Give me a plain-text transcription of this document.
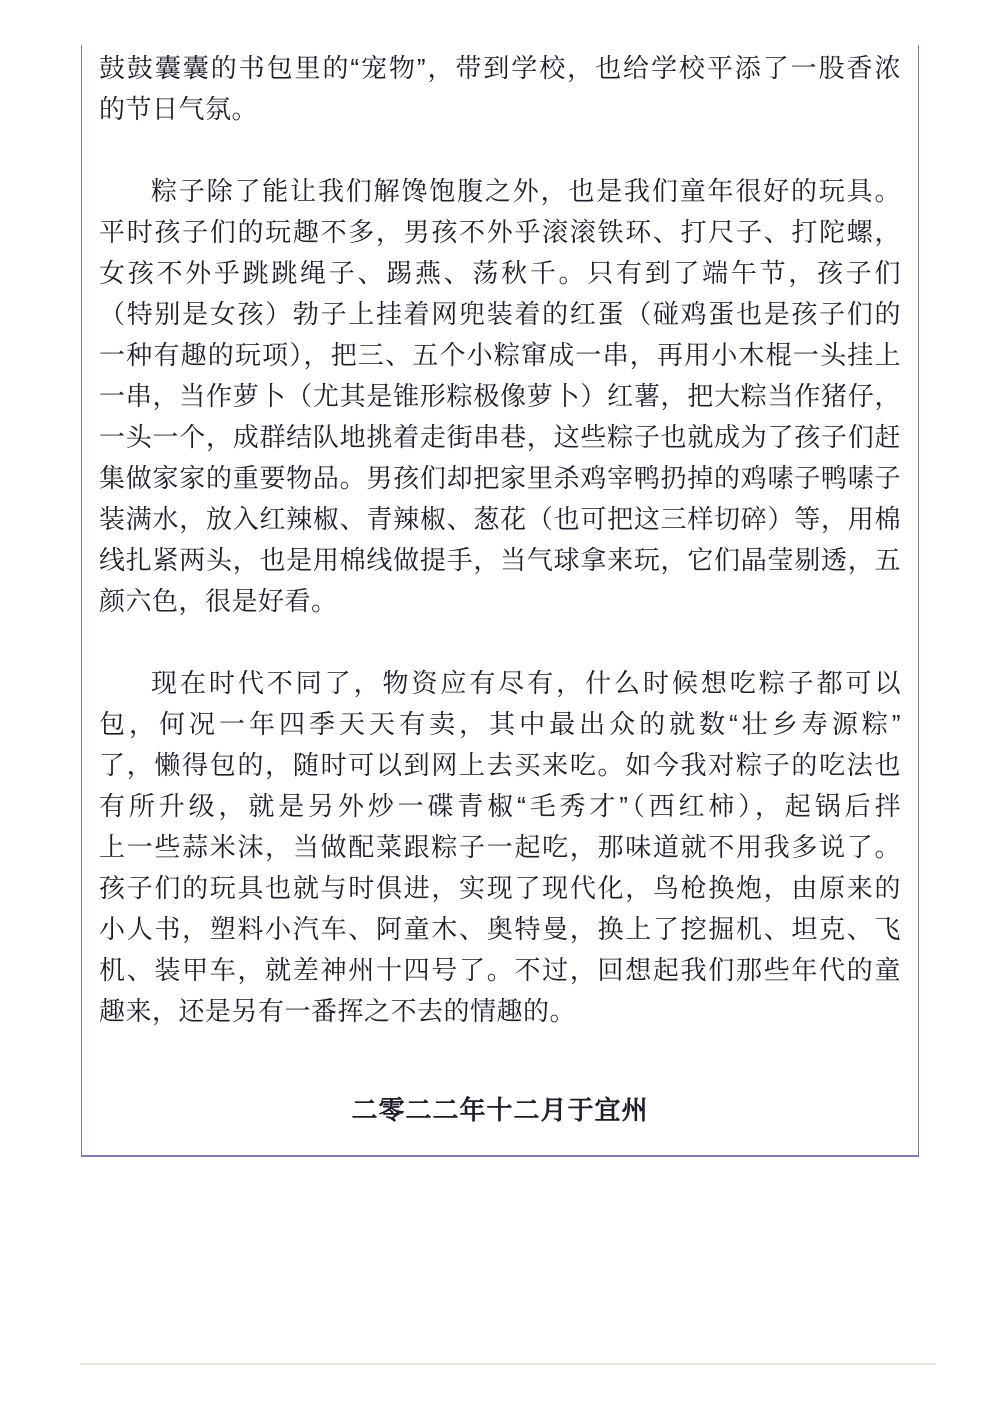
鼓鼓囊囊的书包里的“宠物”，带到学校，也给学校平添了一股香浓
的节日气氛。
粽子除了能让我们解馋饱腹之外，也是我们童年很好的玩具。
平时孩子们的玩趣不多，男孩不外乎滚滚铁环、打尺子、打陀螺，
女孩不外乎跳跳绳子、踢燕、荡秋千。只有到了端午节，孩子们
（特别是女孩）勃子上挂着网兜装着的红蛋（碰鸡蛋也是孩子们的
一种有趣的玩项），把三、五个小粽窜成一串，再用小木棍一头挂上
一串，当作萝卜（尤其是锥形粽极像萝卜）红薯，把大粽当作猪仔，
一头一个，成群结队地挑着走街串巷，这些粽子也就成为了孩子们赶
集做家家的重要物品。男孩们却把家里杀鸡宰鸭扔掉的鸡嗉子鸭嗉子
装满水，放入红辣椒、青辣椒、葱花（也可把这三样切碎）等，用棉
线扎紧两头，也是用棉线做提手，当气球拿来玩，它们晶莹剔透，五
颜六色，很是好看。
现在时代不同了，物资应有尽有，什么时候想吃粽子都可以
包，何况一年四季天天有卖，其中最出众的就数“壮乡寿源粽”
了，懒得包的，随时可以到网上去买来吃。如今我对粽子的吃法也
有所升级，就是另外炒一碟青椒“毛秀才”（西红柿），起锅后拌
上一些蒜米沫，当做配菜跟粽子一起吃，那味道就不用我多说了。
孩子们的玩具也就与时俱进，实现了现代化，鸟枪换炮，由原来的
小人书，塑料小汽车、阿童木、奥特曼，换上了挖掘机、坦克、飞
机、装甲车，就差神州十四号了。不过，回想起我们那些年代的童
趣来，还是另有一番挥之不去的情趣的。
二零二二年十二月于宜州
